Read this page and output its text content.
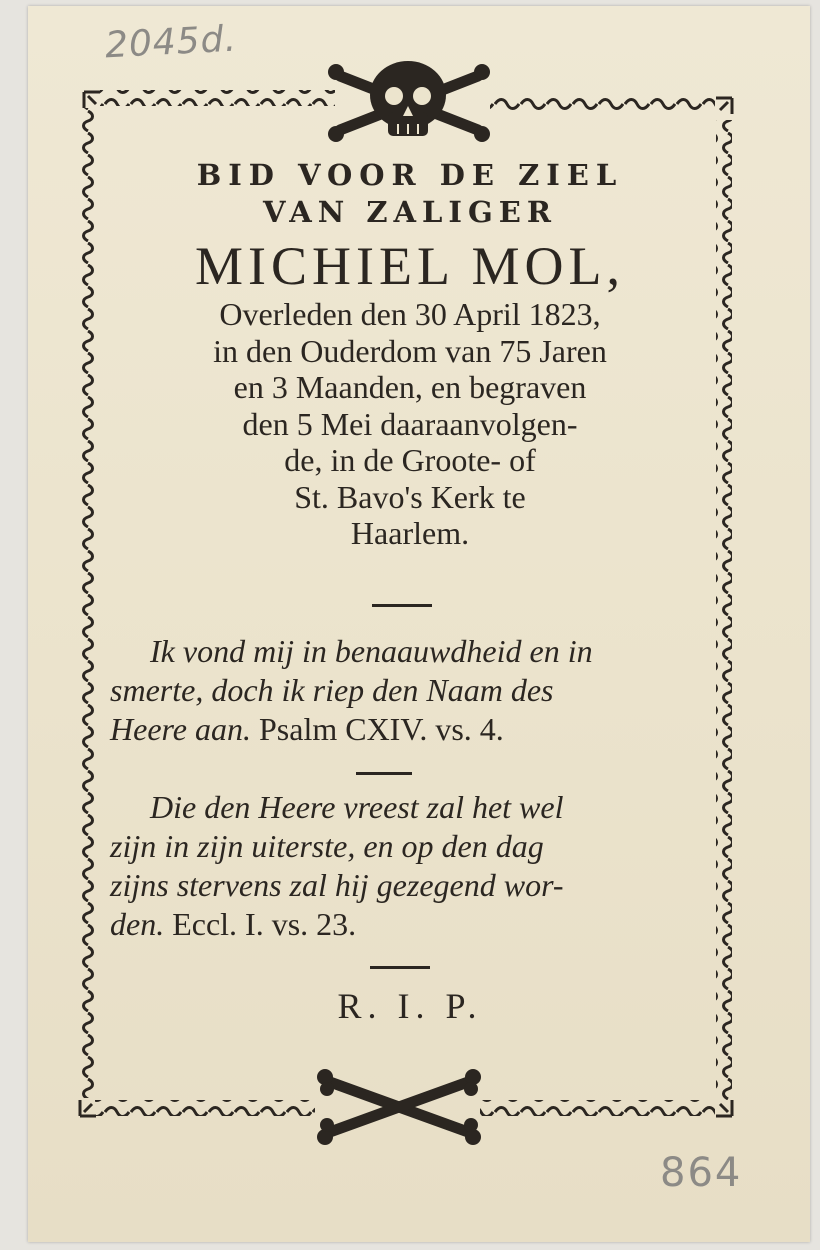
2045d.
864
BID VOOR DE ZIEL
VAN ZALIGER
MICHIEL MOL,
Overleden den 30 April 1823,
in den Ouderdom van 75 Jaren
en 3 Maanden, en begraven
den 5 Mei daaraanvolgen-
de, in de Groote- of
St. Bavo's Kerk te
Haarlem.
Ik vond mij in benaauwdheid en in
smerte, doch ik riep den Naam des
Heere aan. Psalm CXIV. vs. 4.
Die den Heere vreest zal het wel
zijn in zijn uiterste, en op den dag
zijns stervens zal hij gezegend wor-
den. Eccl. I. vs. 23.
R. I. P.
